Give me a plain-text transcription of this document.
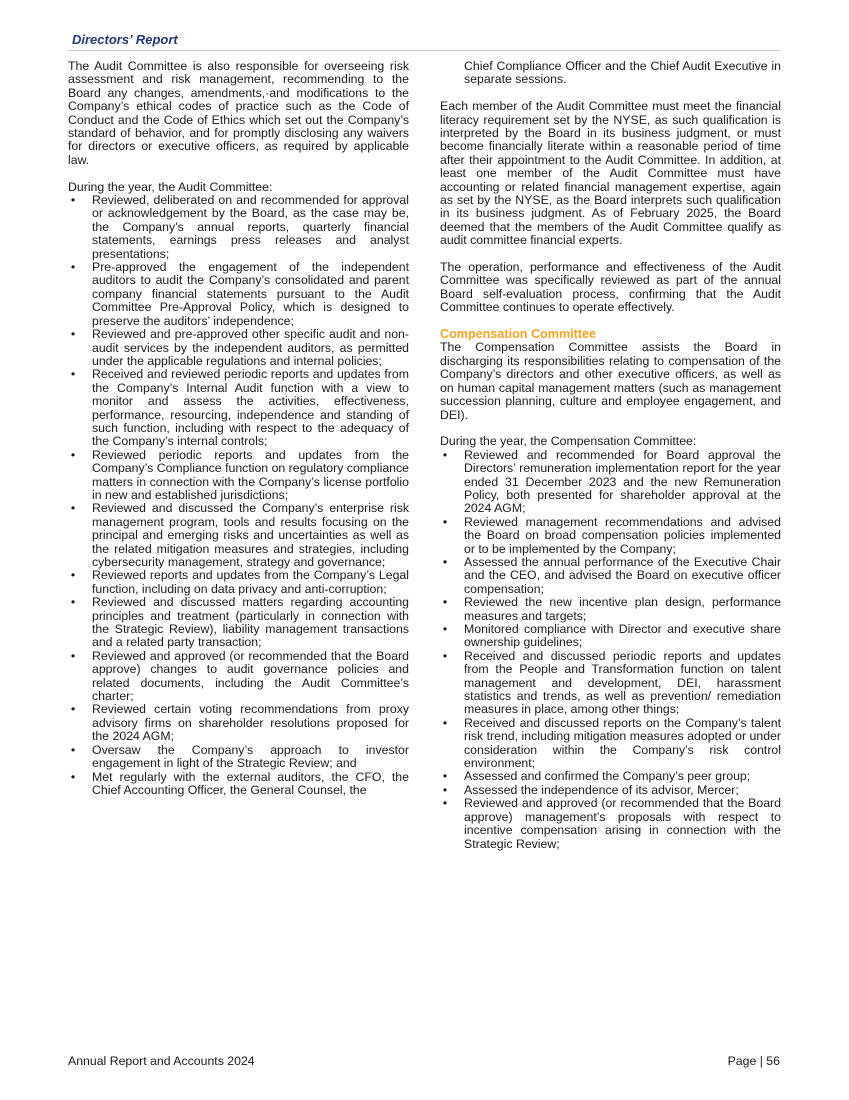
Directors’ Report

The Audit Committee is also responsible for overseeing risk assessment and risk management, recommending to the Board any changes, amendments,·and modifications to the Company’s ethical codes of practice such as the Code of Conduct and the Code of Ethics which set out the Company’s standard of behavior, and for promptly disclosing any waivers for directors or executive officers, as required by applicable law.

During the year, the Audit Committee:

• Reviewed, deliberated on and recommended for approval or acknowledgement by the Board, as the case may be, the Company’s annual reports, quarterly financial statements, earnings press releases and analyst presentations;
• Pre-approved the engagement of the independent auditors to audit the Company’s consolidated and parent company financial statements pursuant to the Audit Committee Pre-Approval Policy, which is designed to preserve the auditors’ independence;
• Reviewed and pre-approved other specific audit and non-audit services by the independent auditors, as permitted under the applicable regulations and internal policies;
• Received and reviewed periodic reports and updates from the Company’s Internal Audit function with a view to monitor and assess the activities, effectiveness, performance, resourcing, independence and standing of such function, including with respect to the adequacy of the Company’s internal controls;
• Reviewed periodic reports and updates from the Company’s Compliance function on regulatory compliance matters in connection with the Company’s license portfolio in new and established jurisdictions;
• Reviewed and discussed the Company’s enterprise risk management program, tools and results focusing on the principal and emerging risks and uncertainties as well as the related mitigation measures and strategies, including cybersecurity management, strategy and governance;
• Reviewed reports and updates from the Company’s Legal function, including on data privacy and anti-corruption;
• Reviewed and discussed matters regarding accounting principles and treatment (particularly in connection with the Strategic Review), liability management transactions and a related party transaction;
• Reviewed and approved (or recommended that the Board approve) changes to audit governance policies and related documents, including the Audit Committee’s charter;
• Reviewed certain voting recommendations from proxy advisory firms on shareholder resolutions proposed for the 2024 AGM;
• Oversaw the Company’s approach to investor engagement in light of the Strategic Review; and
• Met regularly with the external auditors, the CFO, the Chief Accounting Officer, the General Counsel, the

Chief Compliance Officer and the Chief Audit Executive in separate sessions.

Each member of the Audit Committee must meet the financial literacy requirement set by the NYSE, as such qualification is interpreted by the Board in its business judgment, or must become financially literate within a reasonable period of time after their appointment to the Audit Committee. In addition, at least one member of the Audit Committee must have accounting or related financial management expertise, again as set by the NYSE, as the Board interprets such qualification in its business judgment. As of February 2025, the Board deemed that the members of the Audit Committee qualify as audit committee financial experts.

The operation, performance and effectiveness of the Audit Committee was specifically reviewed as part of the annual Board self-evaluation process, confirming that the Audit Committee continues to operate effectively.

Compensation Committee

The Compensation Committee assists the Board in discharging its responsibilities relating to compensation of the Company’s directors and other executive officers, as well as on human capital management matters (such as management succession planning, culture and employee engagement, and DEI).

During the year, the Compensation Committee:

• Reviewed and recommended for Board approval the Directors’ remuneration implementation report for the year ended 31 December 2023 and the new Remuneration Policy, both presented for shareholder approval at the 2024 AGM;
• Reviewed management recommendations and advised the Board on broad compensation policies implemented or to be implemented by the Company;
• Assessed the annual performance of the Executive Chair and the CEO, and advised the Board on executive officer compensation;
• Reviewed the new incentive plan design, performance measures and targets;
• Monitored compliance with Director and executive share ownership guidelines;
• Received and discussed periodic reports and updates from the People and Transformation function on talent management and development, DEI, harassment statistics and trends, as well as prevention/ remediation measures in place, among other things;
• Received and discussed reports on the Company’s talent risk trend, including mitigation measures adopted or under consideration within the Company’s risk control environment;
• Assessed and confirmed the Company’s peer group;
• Assessed the independence of its advisor, Mercer;
• Reviewed and approved (or recommended that the Board approve) management’s proposals with respect to incentive compensation arising in connection with the Strategic Review;
Annual Report and Accounts 2024	Page | 56
